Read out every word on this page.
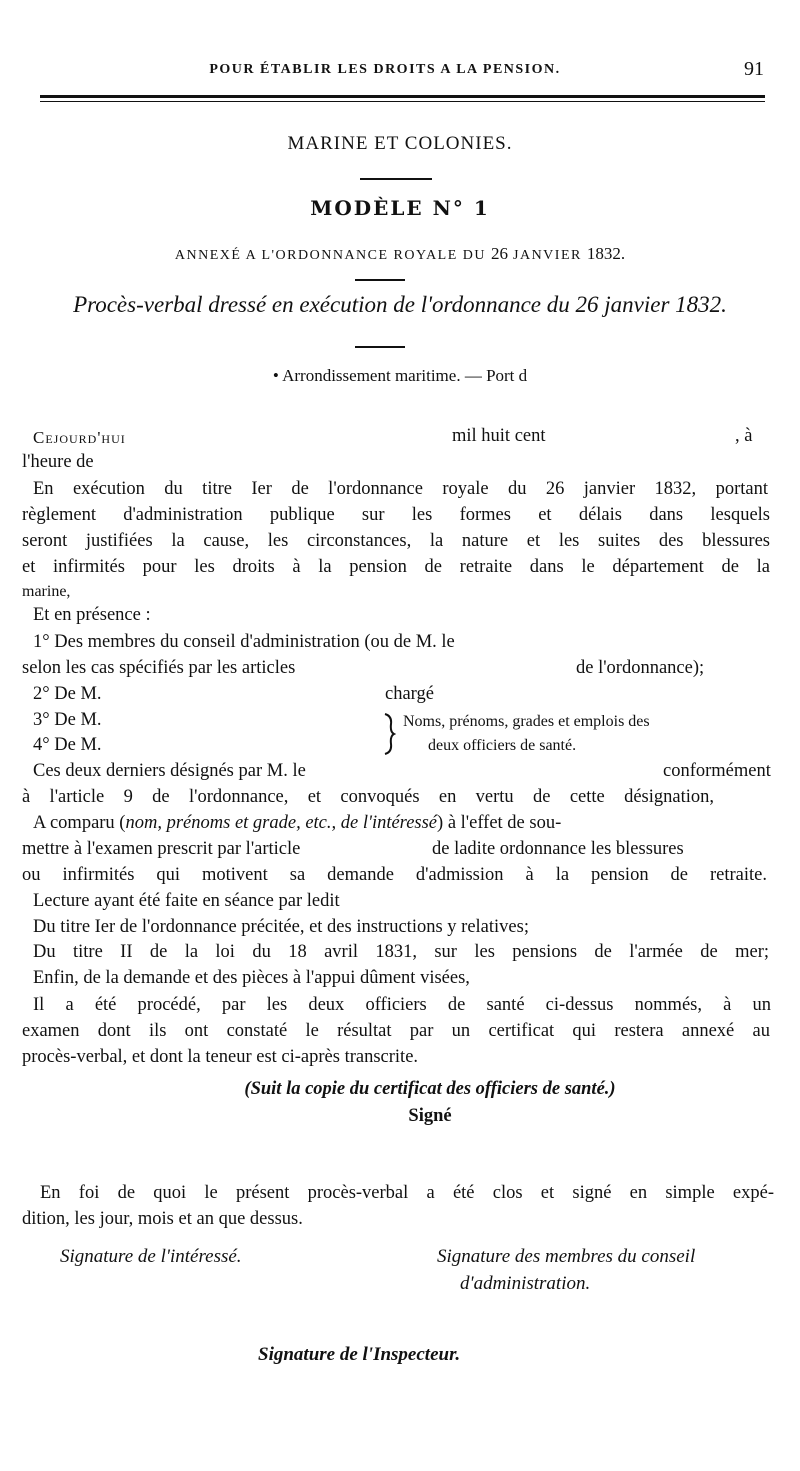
POUR ÉTABLIR LES DROITS A LA PENSION.	91
MARINE ET COLONIES.
MODÈLE N° 1
ANNEXÉ A L'ORDONNANCE ROYALE DU 26 JANVIER 1832.
Procès-verbal dressé en exécution de l'ordonnance du 26 janvier 1832.
• Arrondissement maritime. — Port d
Cejourd'hui	mil huit cent	, à
l'heure de
En exécution du titre Ier de l'ordonnance royale du 26 janvier 1832, portant
règlement d'administration publique sur les formes et délais dans lesquels
seront justifiées la cause, les circonstances, la nature et les suites des blessures
et infirmités pour les droits à la pension de retraite dans le département de la
marine,
Et en présence :
1° Des membres du conseil d'administration (ou de M. le
selon les cas spécifiés par les articles	de l'ordonnance);
2° De M.	chargé
3° De M.
4° De M.
Noms, prénoms, grades et emplois des
deux officiers de santé.
Ces deux derniers désignés par M. le	conformément
à l'article 9 de l'ordonnance, et convoqués en vertu de cette désignation,
A comparu (nom, prénoms et grade, etc., de l'intéressé) à l'effet de sou-
mettre à l'examen prescrit par l'article	de ladite ordonnance les blessures
ou infirmités qui motivent sa demande d'admission à la pension de retraite.
Lecture ayant été faite en séance par ledit
Du titre Ier de l'ordonnance précitée, et des instructions y relatives;
Du titre II de la loi du 18 avril 1831, sur les pensions de l'armée de mer;
Enfin, de la demande et des pièces à l'appui dûment visées,
Il a été procédé, par les deux officiers de santé ci-dessus nommés, à un
examen dont ils ont constaté le résultat par un certificat qui restera annexé au
procès-verbal, et dont la teneur est ci-après transcrite.
(Suit la copie du certificat des officiers de santé.)
Signé
En foi de quoi le présent procès-verbal a été clos et signé en simple expé-
dition, les jour, mois et an que dessus.
Signature de l'intéressé.	Signature des membres du conseil
d'administration.
Signature de l'Inspecteur.
